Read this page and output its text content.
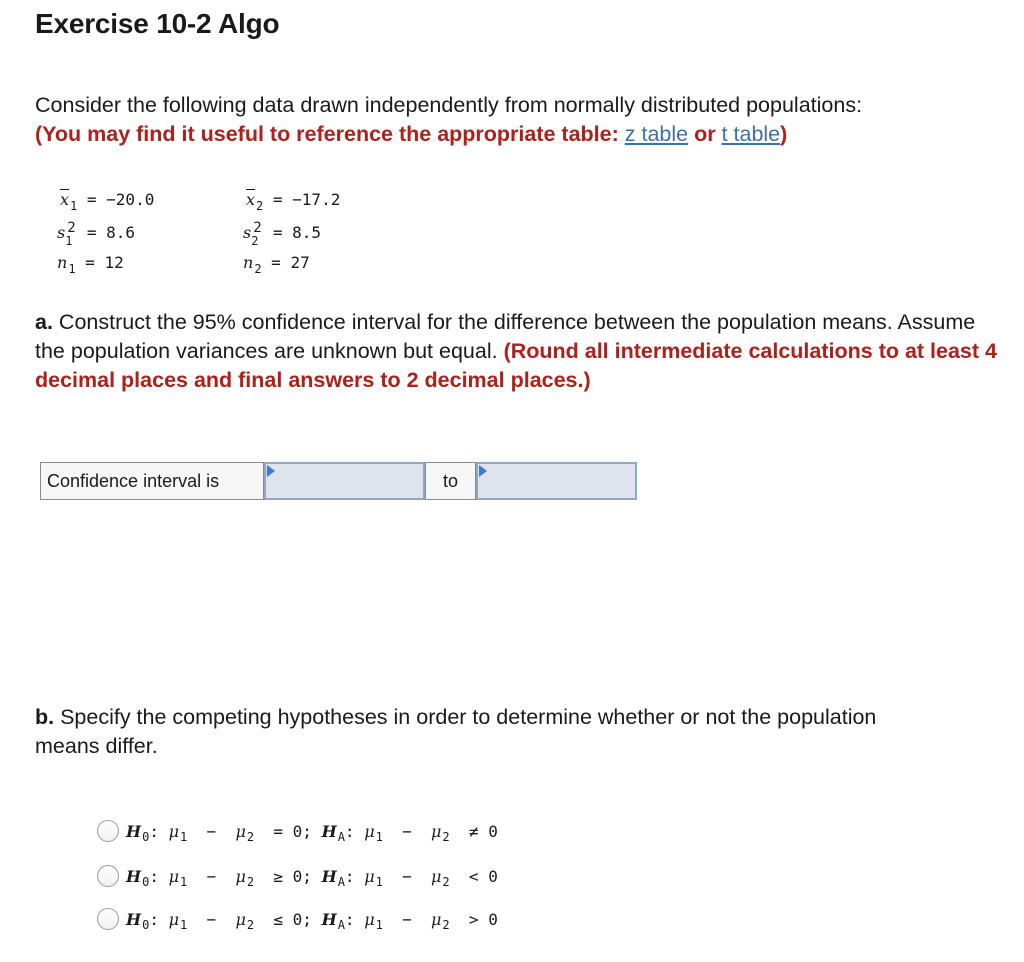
Exercise 10-2 Algo
Consider the following data drawn independently from normally distributed populations:
(You may find it useful to reference the appropriate table: z table or t table)
$\overline{x}_1 = -20.0$
s 1
2 = 8.6
$n_1 = 12$
$\overline{x}_2 = -17.2$
s 2
2 = 8.5
$n_2 = 27$
a. Construct the 95% confidence interval for the difference between the population means. Assume the population variances are unknown but equal. (Round all intermediate calculations to at least 4 decimal places and final answers to 2 decimal places.)
Confidence interval is	to
b. Specify the competing hypotheses in order to determine whether or not the population means differ.
$H_0$: $\mu_1 - \mu_2 = 0$; $H_A$: $\mu_1 - \mu_2 \ne 0$
$H_0$: $\mu_1 - \mu_2 \ge 0$; $H_A$: $\mu_1 - \mu_2 < 0$
$H_0$: $\mu_1 - \mu_2 \le 0$; $H_A$: $\mu_1 - \mu_2 > 0$
